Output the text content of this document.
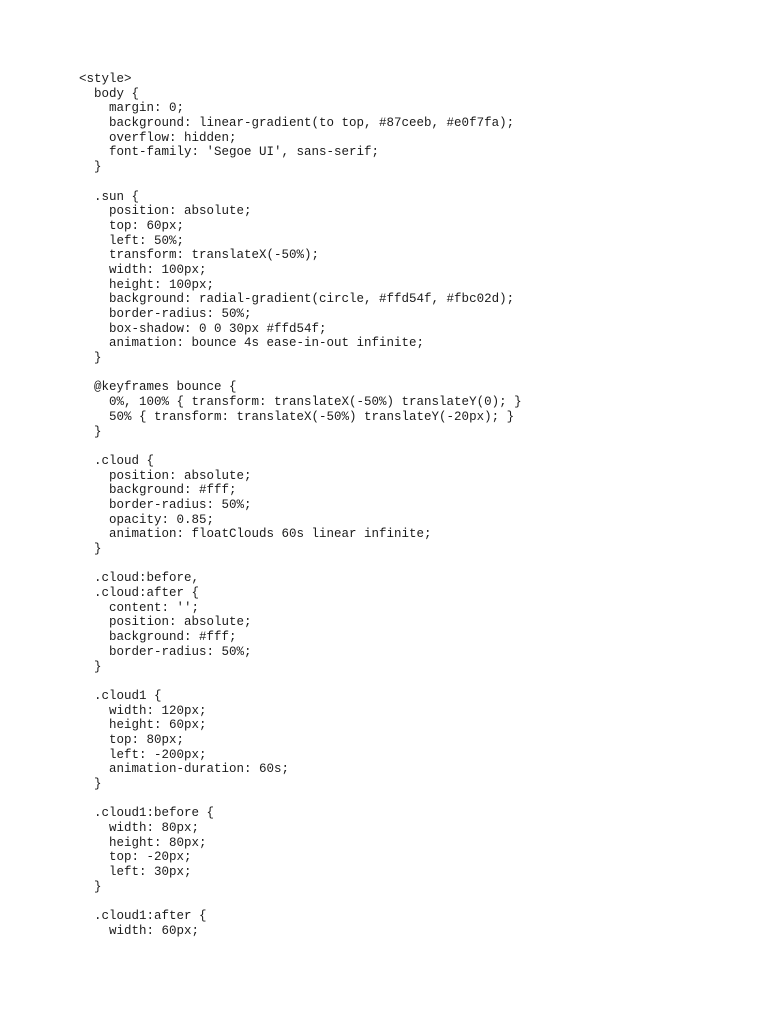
<style>
body {
margin: 0;
background: linear-gradient(to top, #87ceeb, #e0f7fa);
overflow: hidden;
font-family: 'Segoe UI', sans-serif;
}
.sun {
position: absolute;
top: 60px;
left: 50%;
transform: translateX(-50%);
width: 100px;
height: 100px;
background: radial-gradient(circle, #ffd54f, #fbc02d);
border-radius: 50%;
box-shadow: 0 0 30px #ffd54f;
animation: bounce 4s ease-in-out infinite;
}
@keyframes bounce {
0%, 100% { transform: translateX(-50%) translateY(0); }
50% { transform: translateX(-50%) translateY(-20px); }
}
.cloud {
position: absolute;
background: #fff;
border-radius: 50%;
opacity: 0.85;
animation: floatClouds 60s linear infinite;
}
.cloud:before,
.cloud:after {
content: '';
position: absolute;
background: #fff;
border-radius: 50%;
}
.cloud1 {
width: 120px;
height: 60px;
top: 80px;
left: -200px;
animation-duration: 60s;
}
.cloud1:before {
width: 80px;
height: 80px;
top: -20px;
left: 30px;
}
.cloud1:after {
width: 60px;
